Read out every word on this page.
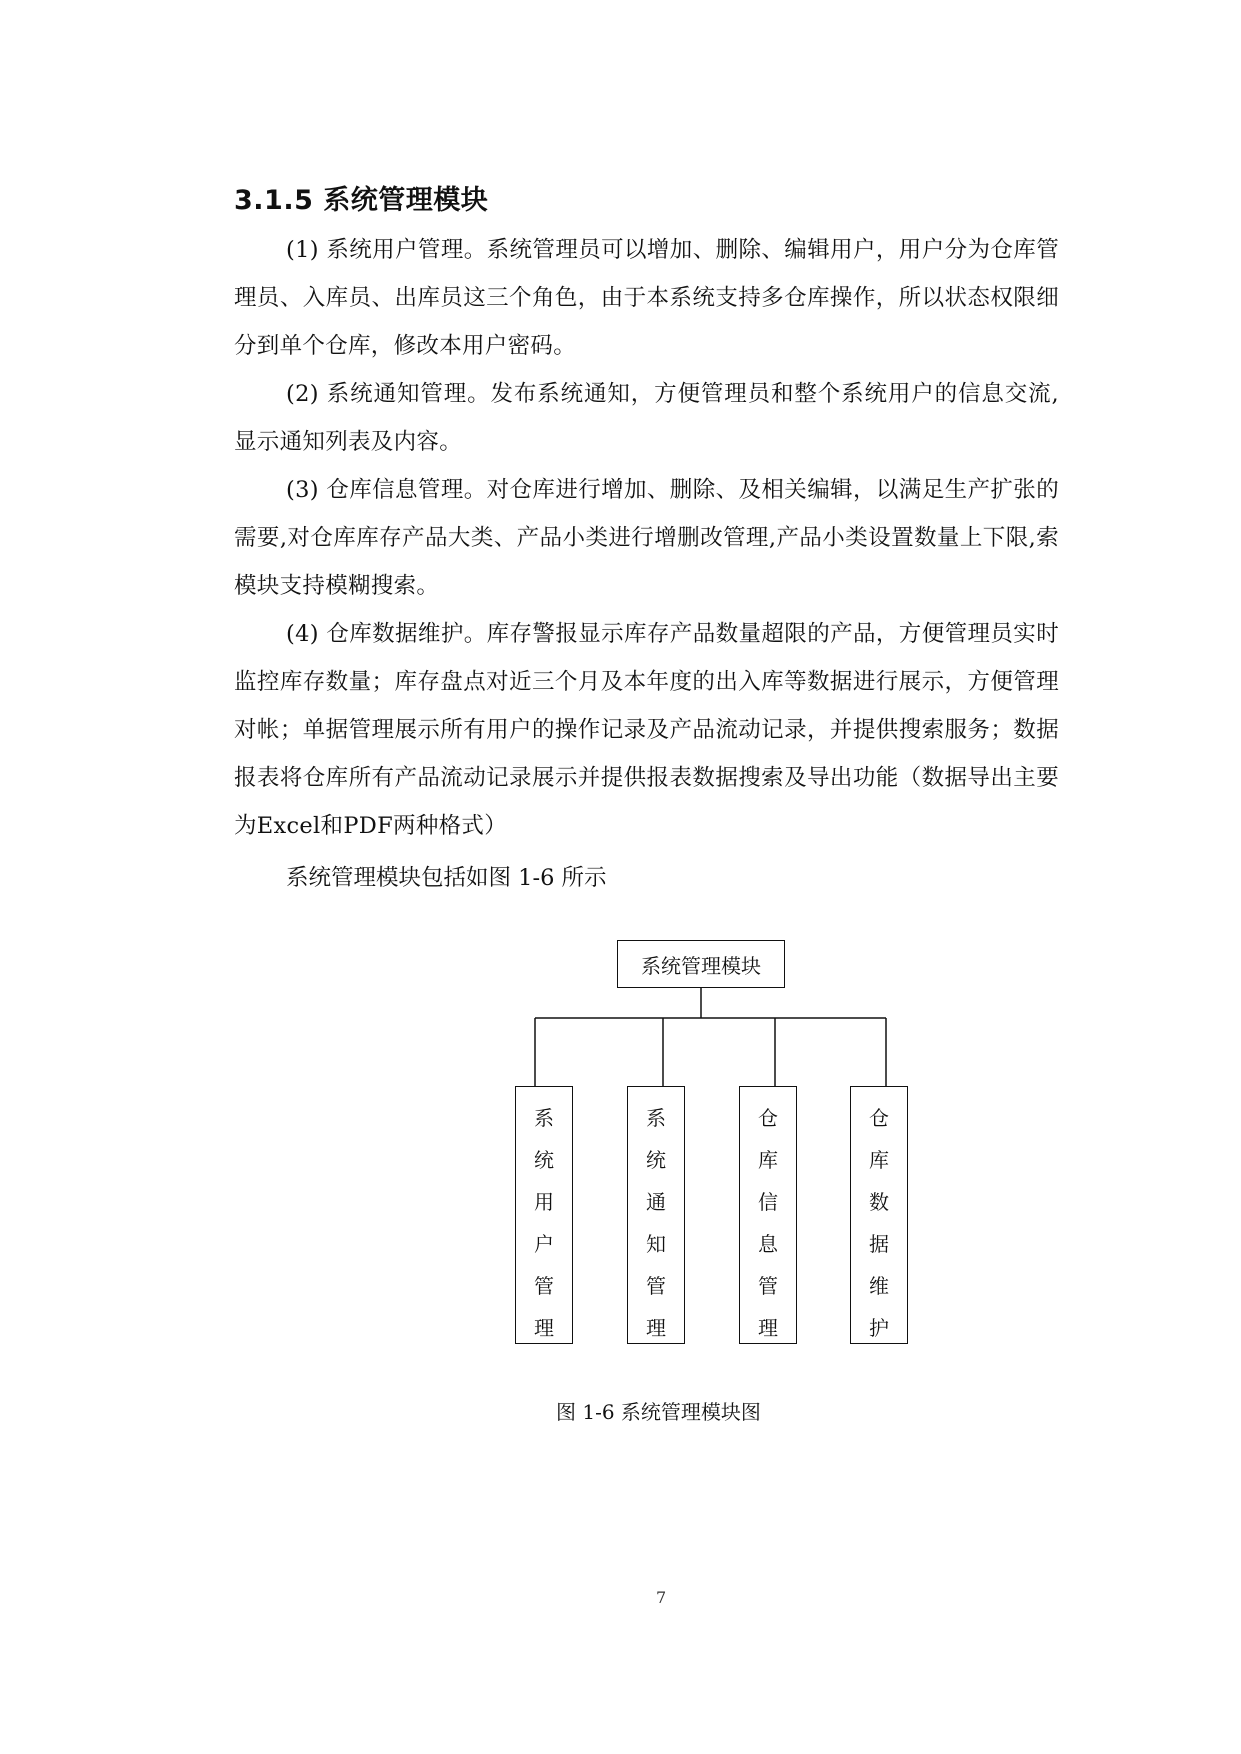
3.1.5 系统管理模块
(1) 系统用户管理。系统管理员可以增加、删除、编辑用户，用户分为仓库管理员、入库员、出库员这三个角色，由于本系统支持多仓库操作，所以状态权限细分到单个仓库，修改本用户密码。
(2) 系统通知管理。发布系统通知，方便管理员和整个系统用户的信息交流,显示通知列表及内容。
(3) 仓库信息管理。对仓库进行增加、删除、及相关编辑，以满足生产扩张的需要,对仓库库存产品大类、产品小类进行增删改管理,产品小类设置数量上下限,索模块支持模糊搜索。
(4) 仓库数据维护。库存警报显示库存产品数量超限的产品，方便管理员实时监控库存数量；库存盘点对近三个月及本年度的出入库等数据进行展示，方便管理对帐；单据管理展示所有用户的操作记录及产品流动记录，并提供搜索服务；数据报表将仓库所有产品流动记录展示并提供报表数据搜索及导出功能（数据导出主要为Excel和PDF两种格式）
系统管理模块包括如图 1-6 所示
系统管理模块
系
统
用
户
管
理
系
统
通
知
管
理
仓
库
信
息
管
理
仓
库
数
据
维
护
图 1-6 系统管理模块图
7
